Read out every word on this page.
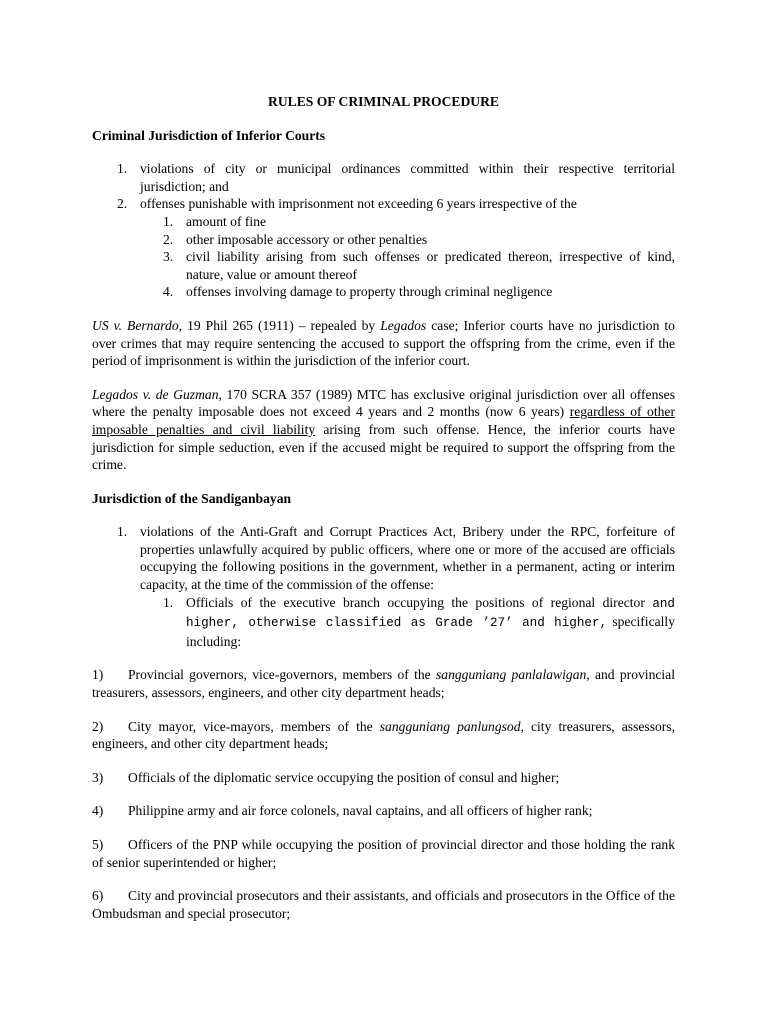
RULES OF CRIMINAL PROCEDURE
Criminal Jurisdiction of Inferior Courts
1. violations of city or municipal ordinances committed within their respective territorial jurisdiction; and
2. offenses punishable with imprisonment not exceeding 6 years irrespective of the
1. amount of fine
2. other imposable accessory or other penalties
3. civil liability arising from such offenses or predicated thereon, irrespective of kind, nature, value or amount thereof
4. offenses involving damage to property through criminal negligence

US v. Bernardo, 19 Phil 265 (1911) – repealed by Legados case; Inferior courts have no jurisdiction to over crimes that may require sentencing the accused to support the offspring from the crime, even if the period of imprisonment is within the jurisdiction of the inferior court.

Legados v. de Guzman, 170 SCRA 357 (1989) MTC has exclusive original jurisdiction over all offenses where the penalty imposable does not exceed 4 years and 2 months (now 6 years) regardless of other imposable penalties and civil liability arising from such offense. Hence, the inferior courts have jurisdiction for simple seduction, even if the accused might be required to support the offspring from the crime.

Jurisdiction of the Sandiganbayan
1. violations of the Anti-Graft and Corrupt Practices Act, Bribery under the RPC, forfeiture of properties unlawfully acquired by public officers, where one or more of the accused are officials occupying the following positions in the government, whether in a permanent, acting or interim capacity, at the time of the commission of the offense:
1. Officials of the executive branch occupying the positions of regional director and higher, otherwise classified as Grade ’27’ and higher, specifically including:

1) Provincial governors, vice-governors, members of the sangguniang panlalawigan, and provincial treasurers, assessors, engineers, and other city department heads;

2) City mayor, vice-mayors, members of the sangguniang panlungsod, city treasurers, assessors, engineers, and other city department heads;

3) Officials of the diplomatic service occupying the position of consul and higher;

4) Philippine army and air force colonels, naval captains, and all officers of higher rank;

5) Officers of the PNP while occupying the position of provincial director and those holding the rank of senior superintended or higher;

6) City and provincial prosecutors and their assistants, and officials and prosecutors in the Office of the Ombudsman and special prosecutor;
